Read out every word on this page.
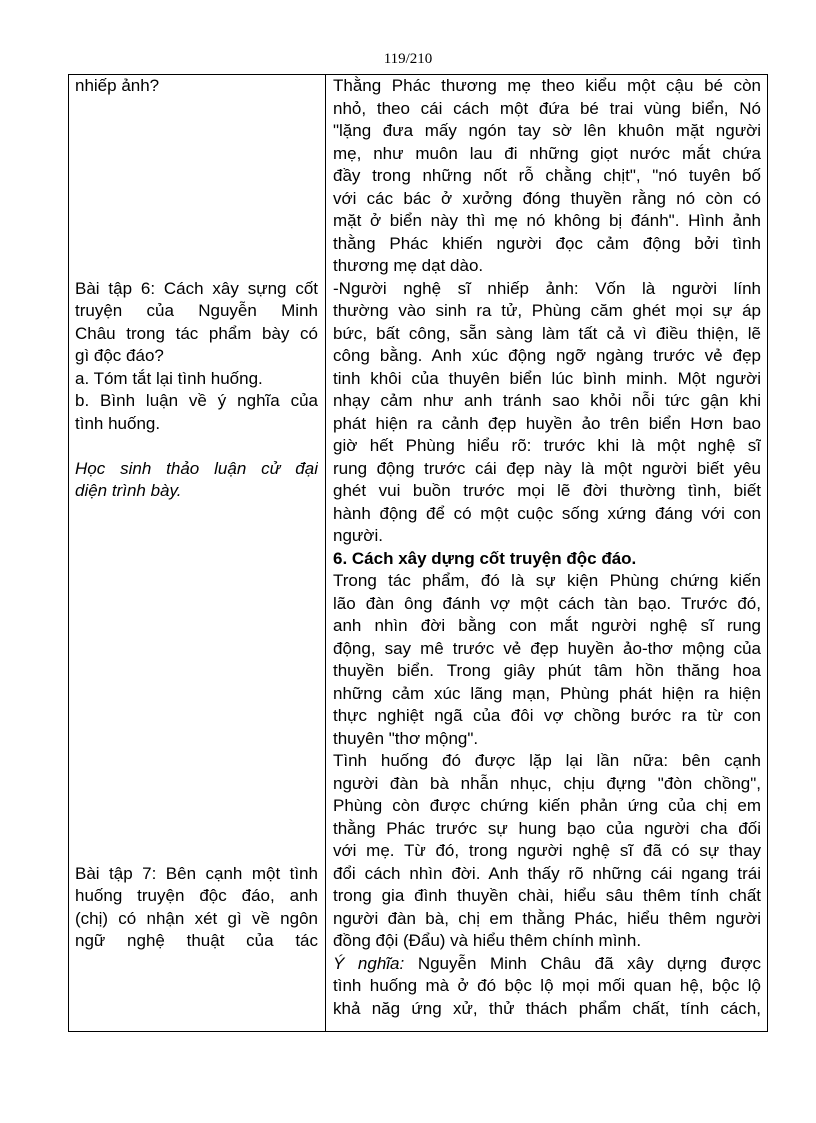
119/210
nhiếp ảnh?
Bài tập 6: Cách xây sựng cốt
truyện của Nguyễn Minh
Châu trong tác phẩm bày có
gì độc đáo?
a. Tóm tắt lại tình huống.
b. Bình luận về ý nghĩa của
tình huống.
Học sinh thảo luận cử đại
diện trình bày.
Bài tập 7: Bên cạnh một tình
huống truyện độc đáo, anh
(chị) có nhận xét gì về ngôn
ngữ nghệ thuật của tác
Thằng Phác thương mẹ theo kiểu một cậu bé còn
nhỏ, theo cái cách một đứa bé trai vùng biển, Nó
"lặng đưa mấy ngón tay sờ lên khuôn mặt người
mẹ, như muôn lau đi những giọt nước mắt chứa
đầy trong những nốt rỗ chằng chịt", "nó tuyên bố
với các bác ở xưởng đóng thuyền rằng nó còn có
mặt ở biển này thì mẹ nó không bị đánh". Hình ảnh
thằng Phác khiến người đọc cảm động bởi tình
thương mẹ dạt dào.
-Người nghệ sĩ nhiếp ảnh: Vốn là người lính
thường vào sinh ra tử, Phùng căm ghét mọi sự áp
bức, bất công, sẵn sàng làm tất cả vì điều thiện, lẽ
công bằng. Anh xúc động ngỡ ngàng trước vẻ đẹp
tinh khôi của thuyên biển lúc bình minh. Một người
nhạy cảm như anh tránh sao khỏi nỗi tức gận khi
phát hiện ra cảnh đẹp huyền ảo trên biển Hơn bao
giờ hết Phùng hiểu rõ: trước khi là một nghệ sĩ
rung động trước cái đẹp này là một người biết yêu
ghét vui buồn trước mọi lẽ đời thường tình, biết
hành động để có một cuộc sống xứng đáng với con
người.
6. Cách xây dựng cốt truyện độc đáo.
Trong tác phẩm, đó là sự kiện Phùng chứng kiến
lão đàn ông đánh vợ một cách tàn bạo. Trước đó,
anh nhìn đời bằng con mắt người nghệ sĩ rung
động, say mê trước vẻ đẹp huyền ảo-thơ mộng của
thuyền biển. Trong giây phút tâm hồn thăng hoa
những cảm xúc lãng mạn, Phùng phát hiện ra hiện
thực nghiệt ngã của đôi vợ chồng bước ra từ con
thuyên "thơ mộng".
Tình huống đó được lặp lại lần nữa: bên cạnh
người đàn bà nhẫn nhục, chịu đựng "đòn chồng",
Phùng còn được chứng kiến phản ứng của chị em
thằng Phác trước sự hung bạo của người cha đối
với mẹ. Từ đó, trong người nghệ sĩ đã có sự thay
đổi cách nhìn đời. Anh thấy rõ những cái ngang trái
trong gia đình thuyền chài, hiểu sâu thêm tính chất
người đàn bà, chị em thằng Phác, hiểu thêm người
đồng đội (Đẩu) và hiểu thêm chính mình.
Ý nghĩa: Nguyễn Minh Châu đã xây dựng được
tình huống mà ở đó bộc lộ mọi mối quan hệ, bộc lộ
khả năg ứng xử, thử thách phẩm chất, tính cách,
